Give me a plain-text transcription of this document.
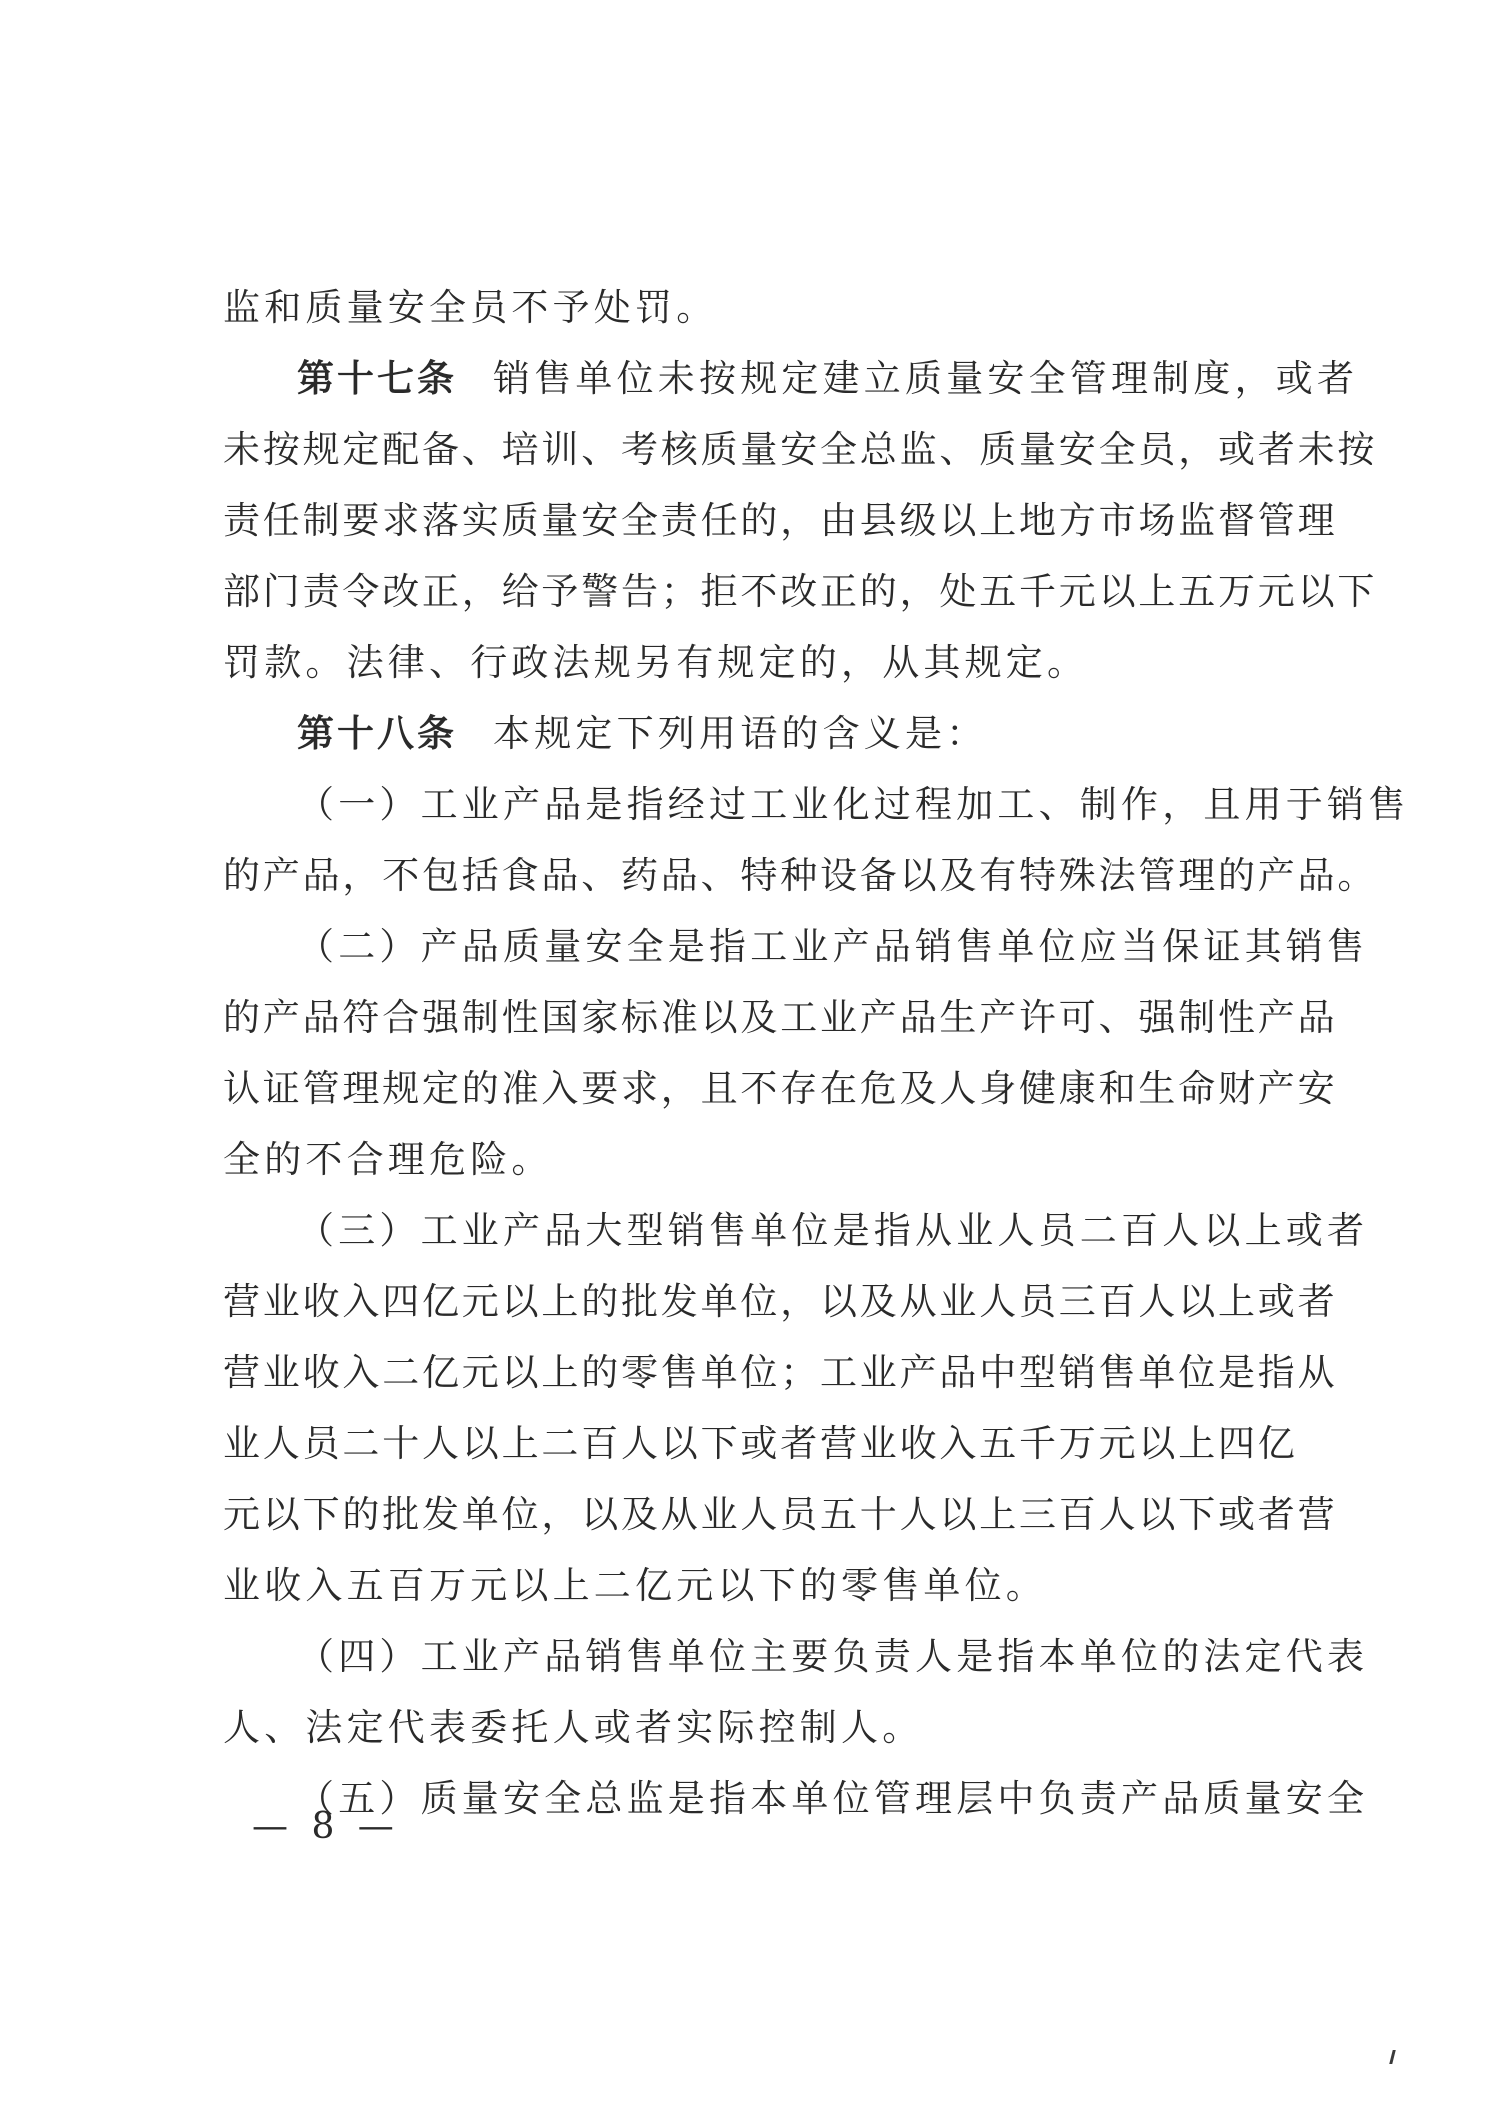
监和质量安全员不予处罚。
第十七条 销售单位未按规定建立质量安全管理制度，或者
未按规定配备、培训、考核质量安全总监、质量安全员，或者未按
责任制要求落实质量安全责任的，由县级以上地方市场监督管理
部门责令改正，给予警告；拒不改正的，处五千元以上五万元以下
罚款。法律、行政法规另有规定的，从其规定。
第十八条 本规定下列用语的含义是：
（一）工业产品是指经过工业化过程加工、制作，且用于销售
的产品，不包括食品、药品、特种设备以及有特殊法管理的产品。
（二）产品质量安全是指工业产品销售单位应当保证其销售
的产品符合强制性国家标准以及工业产品生产许可、强制性产品
认证管理规定的准入要求，且不存在危及人身健康和生命财产安
全的不合理危险。
（三）工业产品大型销售单位是指从业人员二百人以上或者
营业收入四亿元以上的批发单位，以及从业人员三百人以上或者
营业收入二亿元以上的零售单位；工业产品中型销售单位是指从
业人员二十人以上二百人以下或者营业收入五千万元以上四亿
元以下的批发单位，以及从业人员五十人以上三百人以下或者营
业收入五百万元以上二亿元以下的零售单位。
（四）工业产品销售单位主要负责人是指本单位的法定代表
人、法定代表委托人或者实际控制人。
（五）质量安全总监是指本单位管理层中负责产品质量安全
— 8 —
